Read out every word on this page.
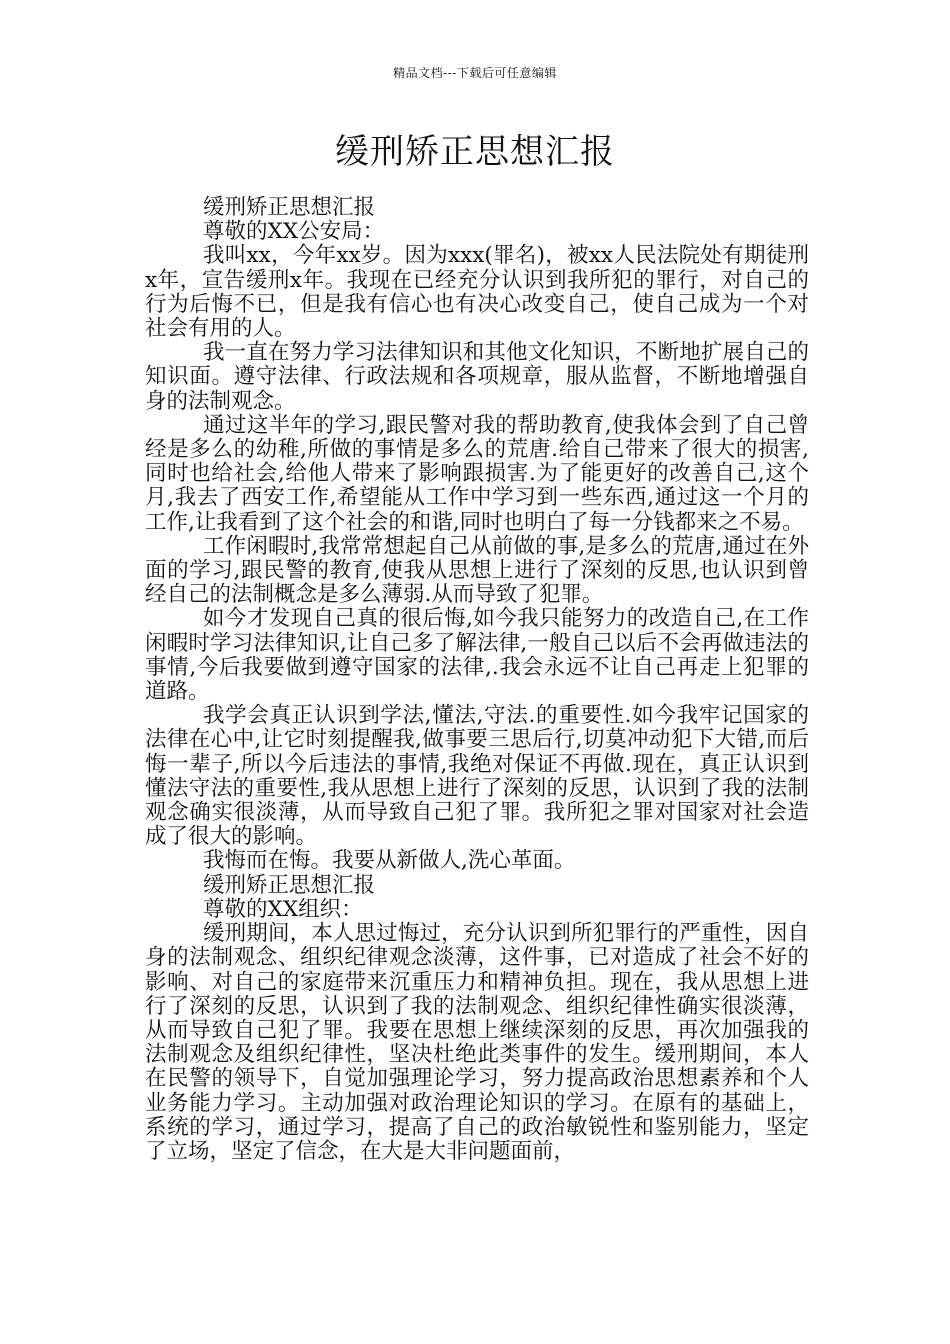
精品文档---下载后可任意编辑
缓刑矫正思想汇报

缓刑矫正思想汇报

尊敬的XX公安局：

我叫xx，今年xx岁。因为xxx(罪名)，被xx人民法院处有期徒刑x年，宣告缓刑x年。我现在已经充分认识到我所犯的罪行，对自己的行为后悔不已，但是我有信心也有决心改变自己，使自己成为一个对社会有用的人。

我一直在努力学习法律知识和其他文化知识，不断地扩展自己的知识面。遵守法律、行政法规和各项规章，服从监督，不断地增强自身的法制观念。

通过这半年的学习,跟民警对我的帮助教育,使我体会到了自己曾经是多么的幼稚,所做的事情是多么的荒唐.给自己带来了很大的损害,同时也给社会,给他人带来了影响跟损害.为了能更好的改善自己,这个月,我去了西安工作,希望能从工作中学习到一些东西,通过这一个月的工作,让我看到了这个社会的和谐,同时也明白了每一分钱都来之不易。

工作闲暇时,我常常想起自己从前做的事,是多么的荒唐,通过在外面的学习,跟民警的教育,使我从思想上进行了深刻的反思,也认识到曾经自己的法制概念是多么薄弱.从而导致了犯罪。

如今才发现自己真的很后悔,如今我只能努力的改造自己,在工作闲暇时学习法律知识,让自己多了解法律,一般自己以后不会再做违法的事情,今后我要做到遵守国家的法律,.我会永远不让自己再走上犯罪的道路。

我学会真正认识到学法,懂法,守法.的重要性.如今我牢记国家的法律在心中,让它时刻提醒我,做事要三思后行,切莫冲动犯下大错,而后悔一辈子,所以今后违法的事情,我绝对保证不再做.现在，真正认识到懂法守法的重要性,我从思想上进行了深刻的反思，认识到了我的法制观念确实很淡薄，从而导致自己犯了罪。我所犯之罪对国家对社会造成了很大的影响。

我悔而在悔。我要从新做人,洗心革面。

缓刑矫正思想汇报

尊敬的XX组织：

缓刑期间，本人思过悔过，充分认识到所犯罪行的严重性，因自身的法制观念、组织纪律观念淡薄，这件事，已对造成了社会不好的影响、对自己的家庭带来沉重压力和精神负担。现在，我从思想上进行了深刻的反思，认识到了我的法制观念、组织纪律性确实很淡薄，从而导致自己犯了罪。我要在思想上继续深刻的反思，再次加强我的法制观念及组织纪律性，坚决杜绝此类事件的发生。缓刑期间，本人在民警的领导下，自觉加强理论学习，努力提高政治思想素养和个人业务能力学习。主动加强对政治理论知识的学习。在原有的基础上，系统的学习，通过学习，提高了自己的政治敏锐性和鉴别能力，坚定了立场，坚定了信念，在大是大非问题面前，
